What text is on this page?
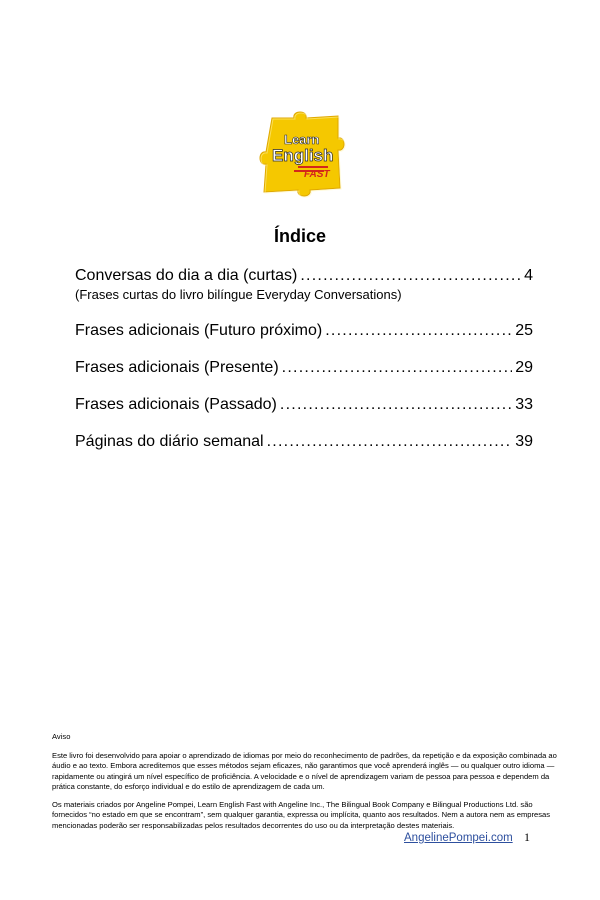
Learn
English
FAST
Índice
Conversas do dia a dia (curtas) . . .	4
(Frases curtas do livro bilíngue Everyday Conversations)
Frases adicionais (Futuro próximo) . . .	25
Frases adicionais (Presente) . . .	29
Frases adicionais (Passado) . . .	33
Páginas do diário semanal . . .	39

Aviso

Este livro foi desenvolvido para apoiar o aprendizado de idiomas por meio do reconhecimento de padrões, da repetição e da exposição combinada ao áudio e ao texto. Embora acreditemos que esses métodos sejam eficazes, não garantimos que você aprenderá inglês — ou qualquer outro idioma — rapidamente ou atingirá um nível específico de proficiência. A velocidade e o nível de aprendizagem variam de pessoa para pessoa e dependem da prática constante, do esforço individual e do estilo de aprendizagem de cada um.

Os materiais criados por Angeline Pompei, Learn English Fast with Angeline Inc., The Bilingual Book Company e Bilingual Productions Ltd. são fornecidos “no estado em que se encontram”, sem qualquer garantia, expressa ou implícita, quanto aos resultados. Nem a autora nem as empresas mencionadas poderão ser responsabilizadas pelos resultados decorrentes do uso ou da interpretação destes materiais.

AngelinePompei.com 1
